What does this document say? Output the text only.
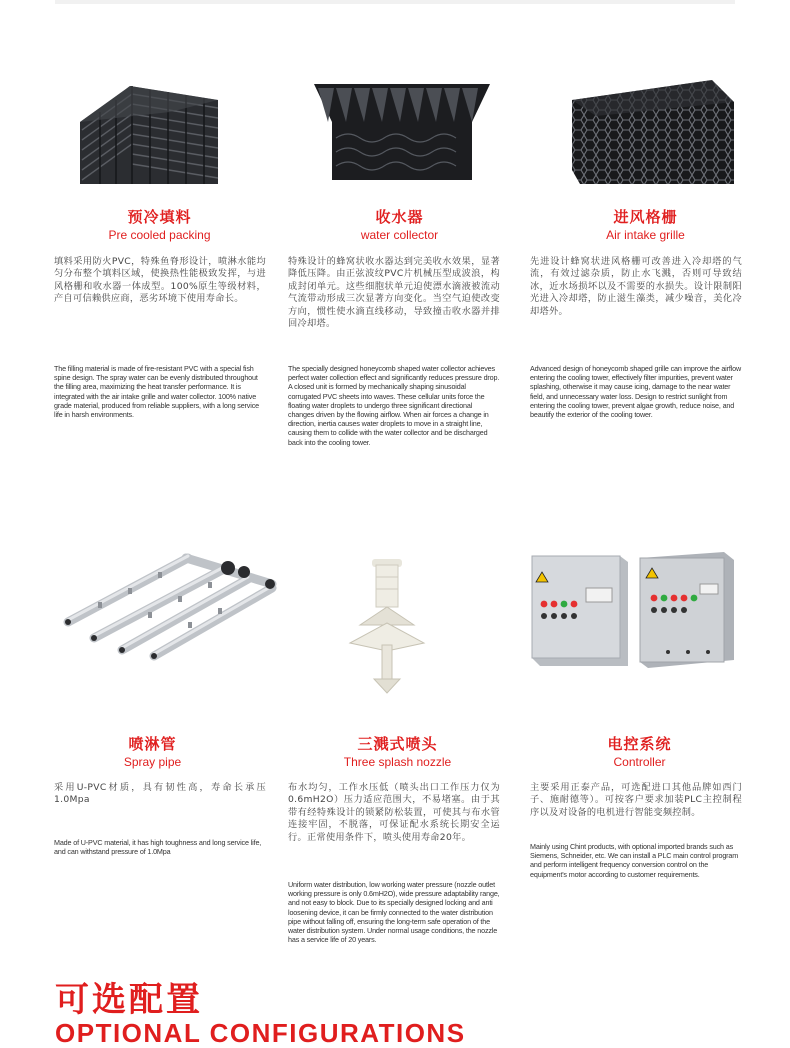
预冷填料
Pre cooled packing
填料采用防火PVC，特殊鱼脊形设计，喷淋水能均匀分布整个填料区域，使换热性能极致发挥，与进风格栅和收水器一体成型。100%原生等级材料，产自可信赖供应商，恶劣环境下使用寿命长。
The filling material is made of fire-resistant PVC with a special fish spine design. The spray water can be evenly distributed throughout the filling area, maximizing the heat transfer performance. It is integrated with the air intake grille and water collector. 100% native grade material, produced from reliable suppliers, with a long service life in harsh environments.
收水器
water collector
特殊设计的蜂窝状收水器达到完美收水效果，显著降低压降。由正弦波纹PVC片机械压型成波浪，构成封闭单元。这些细胞状单元迫使漂水滴液被流动气流带动形成三次显著方向变化。当空气迫使改变方向，惯性使水滴直线移动，导致撞击收水器并排回冷却塔。
The specially designed honeycomb shaped water collector achieves perfect water collection effect and significantly reduces pressure drop. A closed unit is formed by mechanically shaping sinusoidal corrugated PVC sheets into waves. These cellular units force the floating water droplets to undergo three significant directional changes driven by the flowing airflow. When air forces a change in direction, inertia causes water droplets to move in a straight line, causing them to collide with the water collector and be discharged back into the cooling tower.
进风格栅
Air intake grille
先进设计蜂窝状进风格栅可改善进入冷却塔的气流，有效过滤杂质，防止水飞溅，否则可导致结冰，近水场损坏以及不需要的水损失。设计限制阳光进入冷却塔，防止滋生藻类，减少噪音，美化冷却塔外。
Advanced design of honeycomb shaped grille can improve the airflow entering the cooling tower, effectively filter impurities, prevent water splashing, otherwise it may cause icing, damage to the near water field, and unnecessary water loss. Design to restrict sunlight from entering the cooling tower, prevent algae growth, reduce noise, and beautify the exterior of the cooling tower.
喷淋管
Spray pipe
采用U-PVC材质，具有韧性高，寿命长承压1.0Mpa
Made of U-PVC material, it has high toughness and long service life, and can withstand pressure of 1.0Mpa
三溅式喷头
Three splash nozzle
布水均匀，工作水压低（喷头出口工作压力仅为0.6mH2O）压力适应范围大，不易堵塞。由于其带有经特殊设计的锁紧防松装置，可使其与布水管连接牢固，不脱落，可保证配水系统长期安全运行。正常使用条件下，喷头使用寿命20年。
Uniform water distribution, low working water pressure (nozzle outlet working pressure is only 0.6mH2O), wide pressure adaptability range, and not easy to block. Due to its specially designed locking and anti loosening device, it can be firmly connected to the water distribution pipe without falling off, ensuring the long-term safe operation of the water distribution system. Under normal usage conditions, the nozzle has a service life of 20 years.
电控系统
Controller
主要采用正泰产品，可选配进口其他品牌如西门子、施耐德等）。可按客户要求加装PLC主控制程序以及对设备的电机进行智能变频控制。
Mainly using Chint products, with optional imported brands such as Siemens, Schneider, etc. We can install a PLC main control program and perform intelligent frequency conversion control on the equipment's motor according to customer requirements.
可选配置
OPTIONAL CONFIGURATIONS
